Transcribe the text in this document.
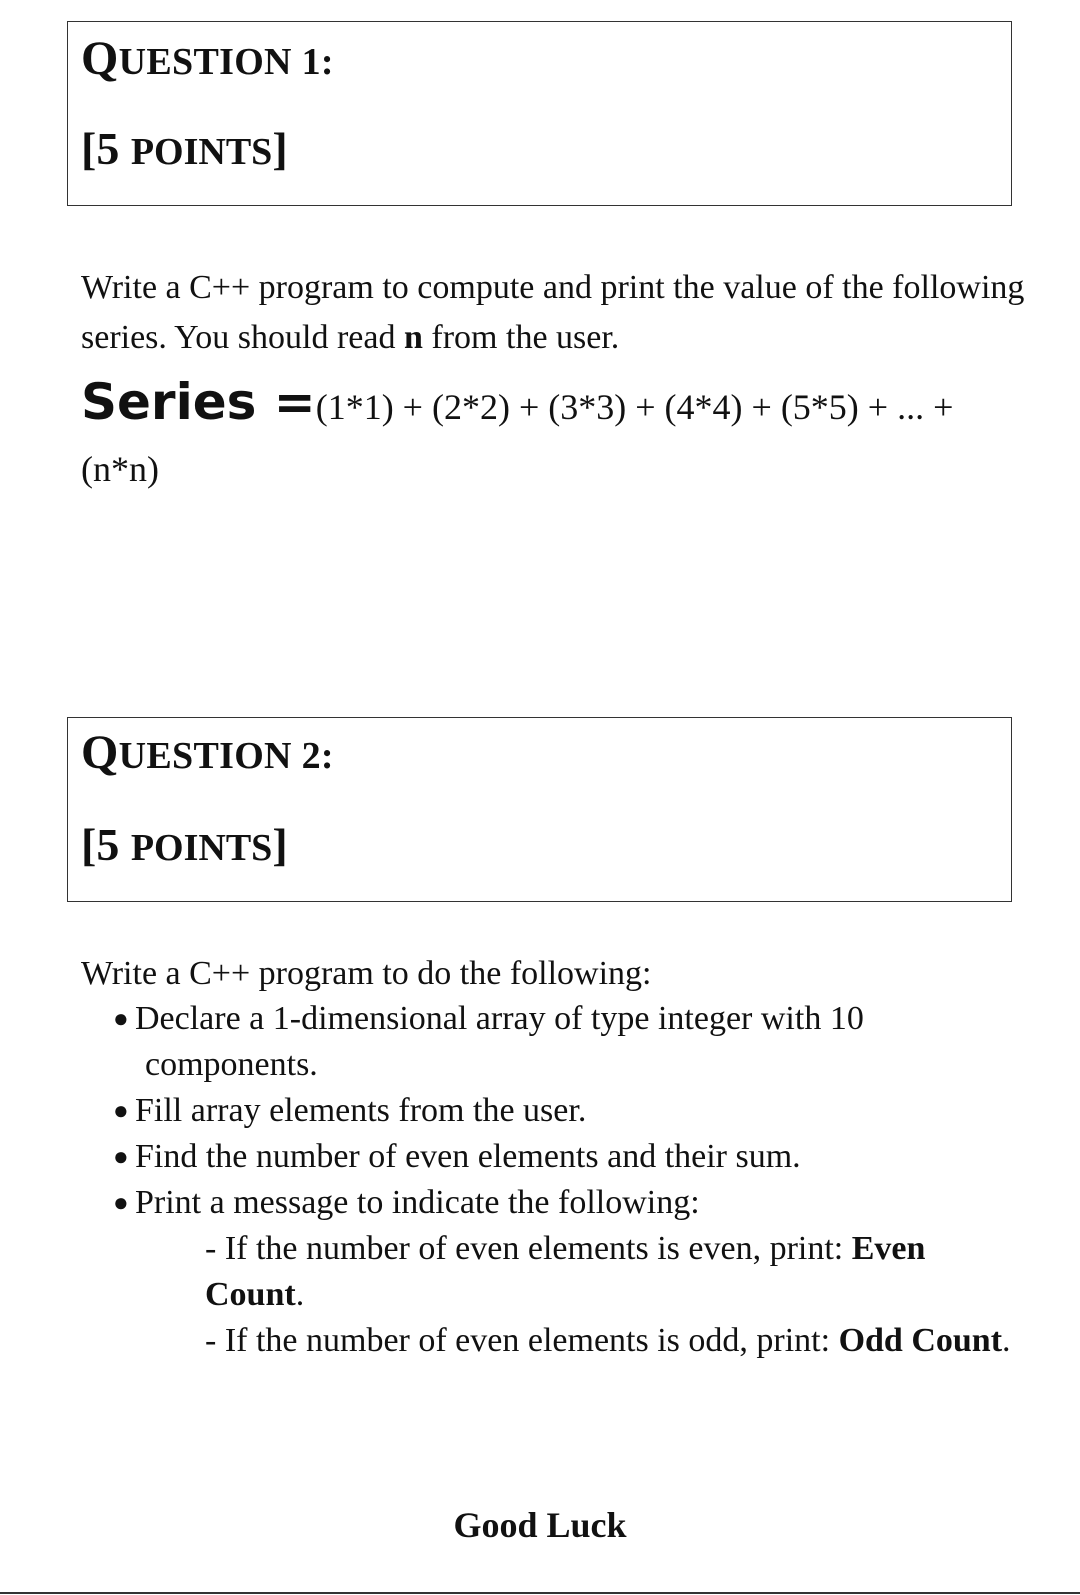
QUESTION 1:
[5 POINTS]
Write a C++ program to compute and print the value of the following series. You should read n from the user.
Series =(1*1) + (2*2) + (3*3) + (4*4) + (5*5) + ... + (n*n)
QUESTION 2:
[5 POINTS]
Write a C++ program to do the following:
● Declare a 1-dimensional array of type integer with 10
components.
● Fill array elements from the user.
● Find the number of even elements and their sum.
● Print a message to indicate the following:
- If the number of even elements is even, print: Even Count.
- If the number of even elements is odd, print: Odd Count.
Good Luck
